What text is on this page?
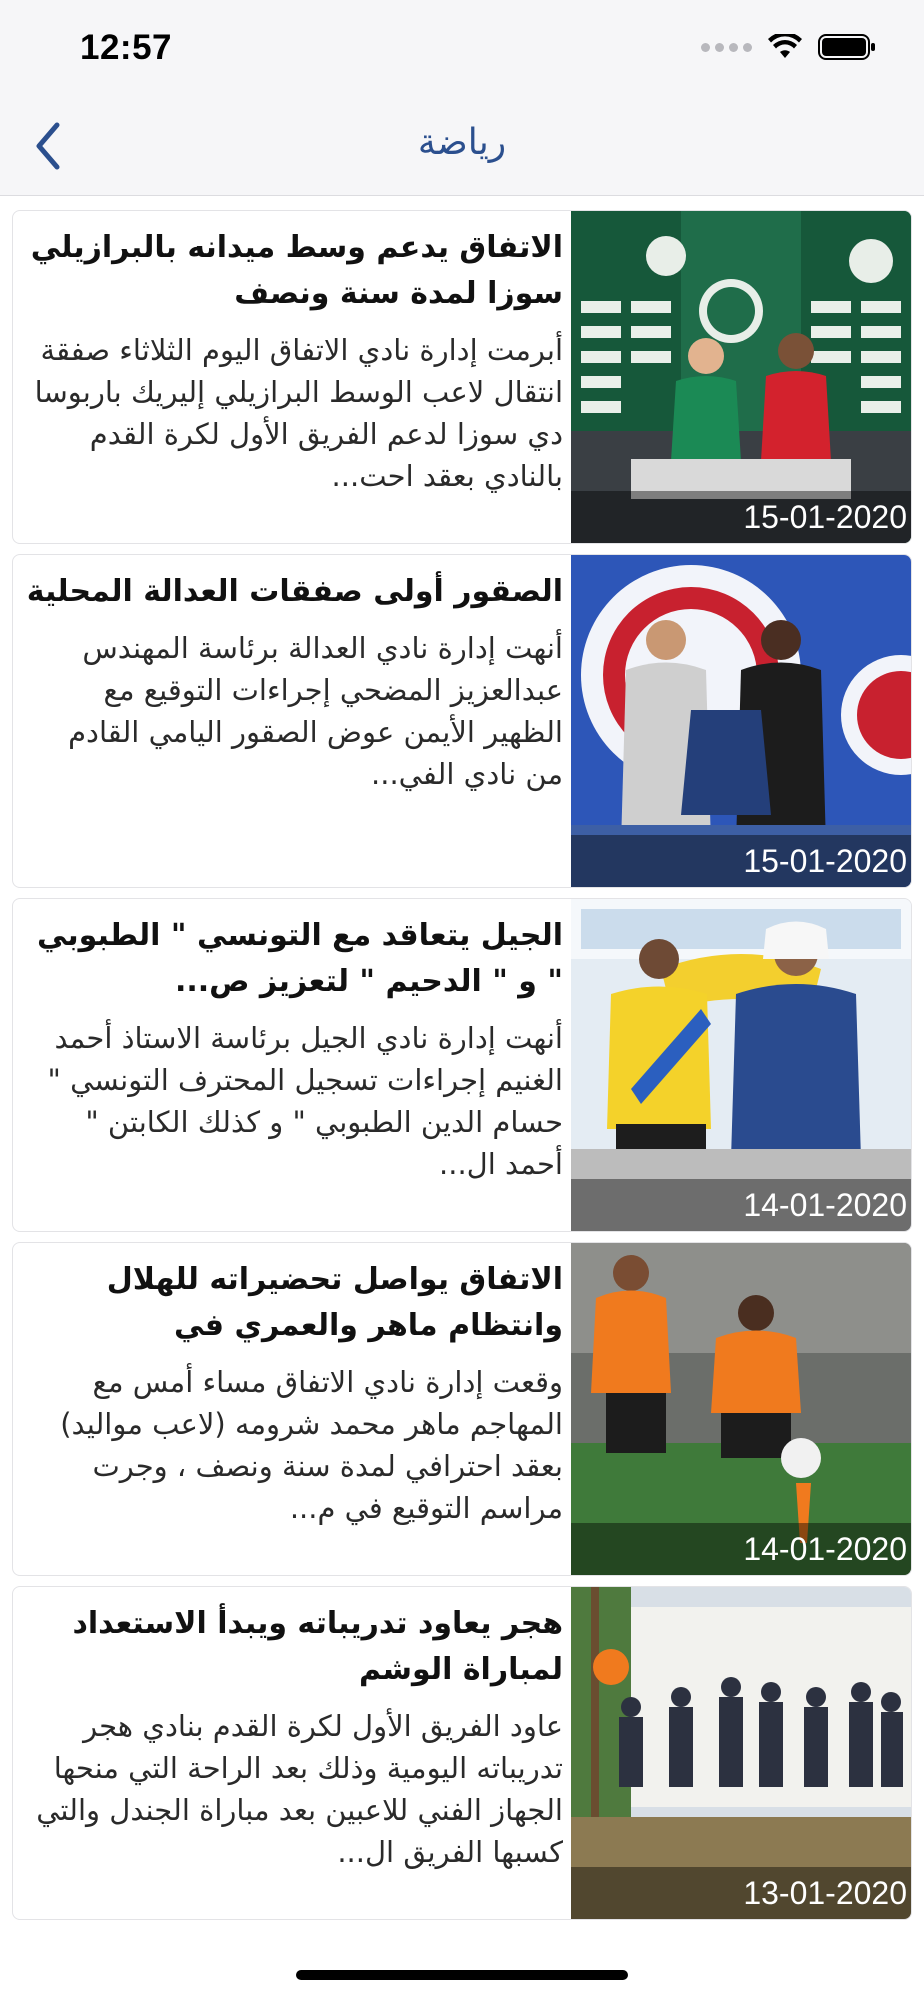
12:57
رياضة
15-01-2020
الاتفاق يدعم وسط ميدانه بالبرازيلي سوزا لمدة سنة ونصف
أبرمت إدارة نادي الاتفاق اليوم الثلاثاء صفقة انتقال لاعب الوسط البرازيلي إليريك باربوسا دي سوزا لدعم الفريق الأول لكرة القدم بالنادي بعقد احت...
15-01-2020
الصقور أولى صفقات العدالة المحلية
أنهت إدارة نادي العدالة برئاسة المهندس عبدالعزيز المضحي إجراءات التوقيع مع الظهير الأيمن عوض الصقور اليامي القادم من نادي الفي...
14-01-2020
الجيل يتعاقد مع التونسي " الطبوبي " و " الدحيم " لتعزيز ص...
أنهت إدارة نادي الجيل برئاسة الاستاذ أحمد الغنيم إجراءات تسجيل المحترف التونسي " حسام الدين الطبوبي " و كذلك الكابتن " أحمد ال...
14-01-2020
الاتفاق يواصل تحضيراته للهلال وانتظام ماهر والعمري في
وقعت إدارة نادي الاتفاق مساء أمس مع المهاجم ماهر محمد شرومه (لاعب مواليد) بعقد احترافي لمدة سنة ونصف ، وجرت مراسم التوقيع في م...
13-01-2020
هجر يعاود تدريباته ويبدأ الاستعداد لمباراة الوشم
عاود الفريق الأول لكرة القدم بنادي هجر تدريباته اليومية وذلك بعد الراحة التي منحها الجهاز الفني للاعبين بعد مباراة الجندل والتي كسبها الفريق ال...
